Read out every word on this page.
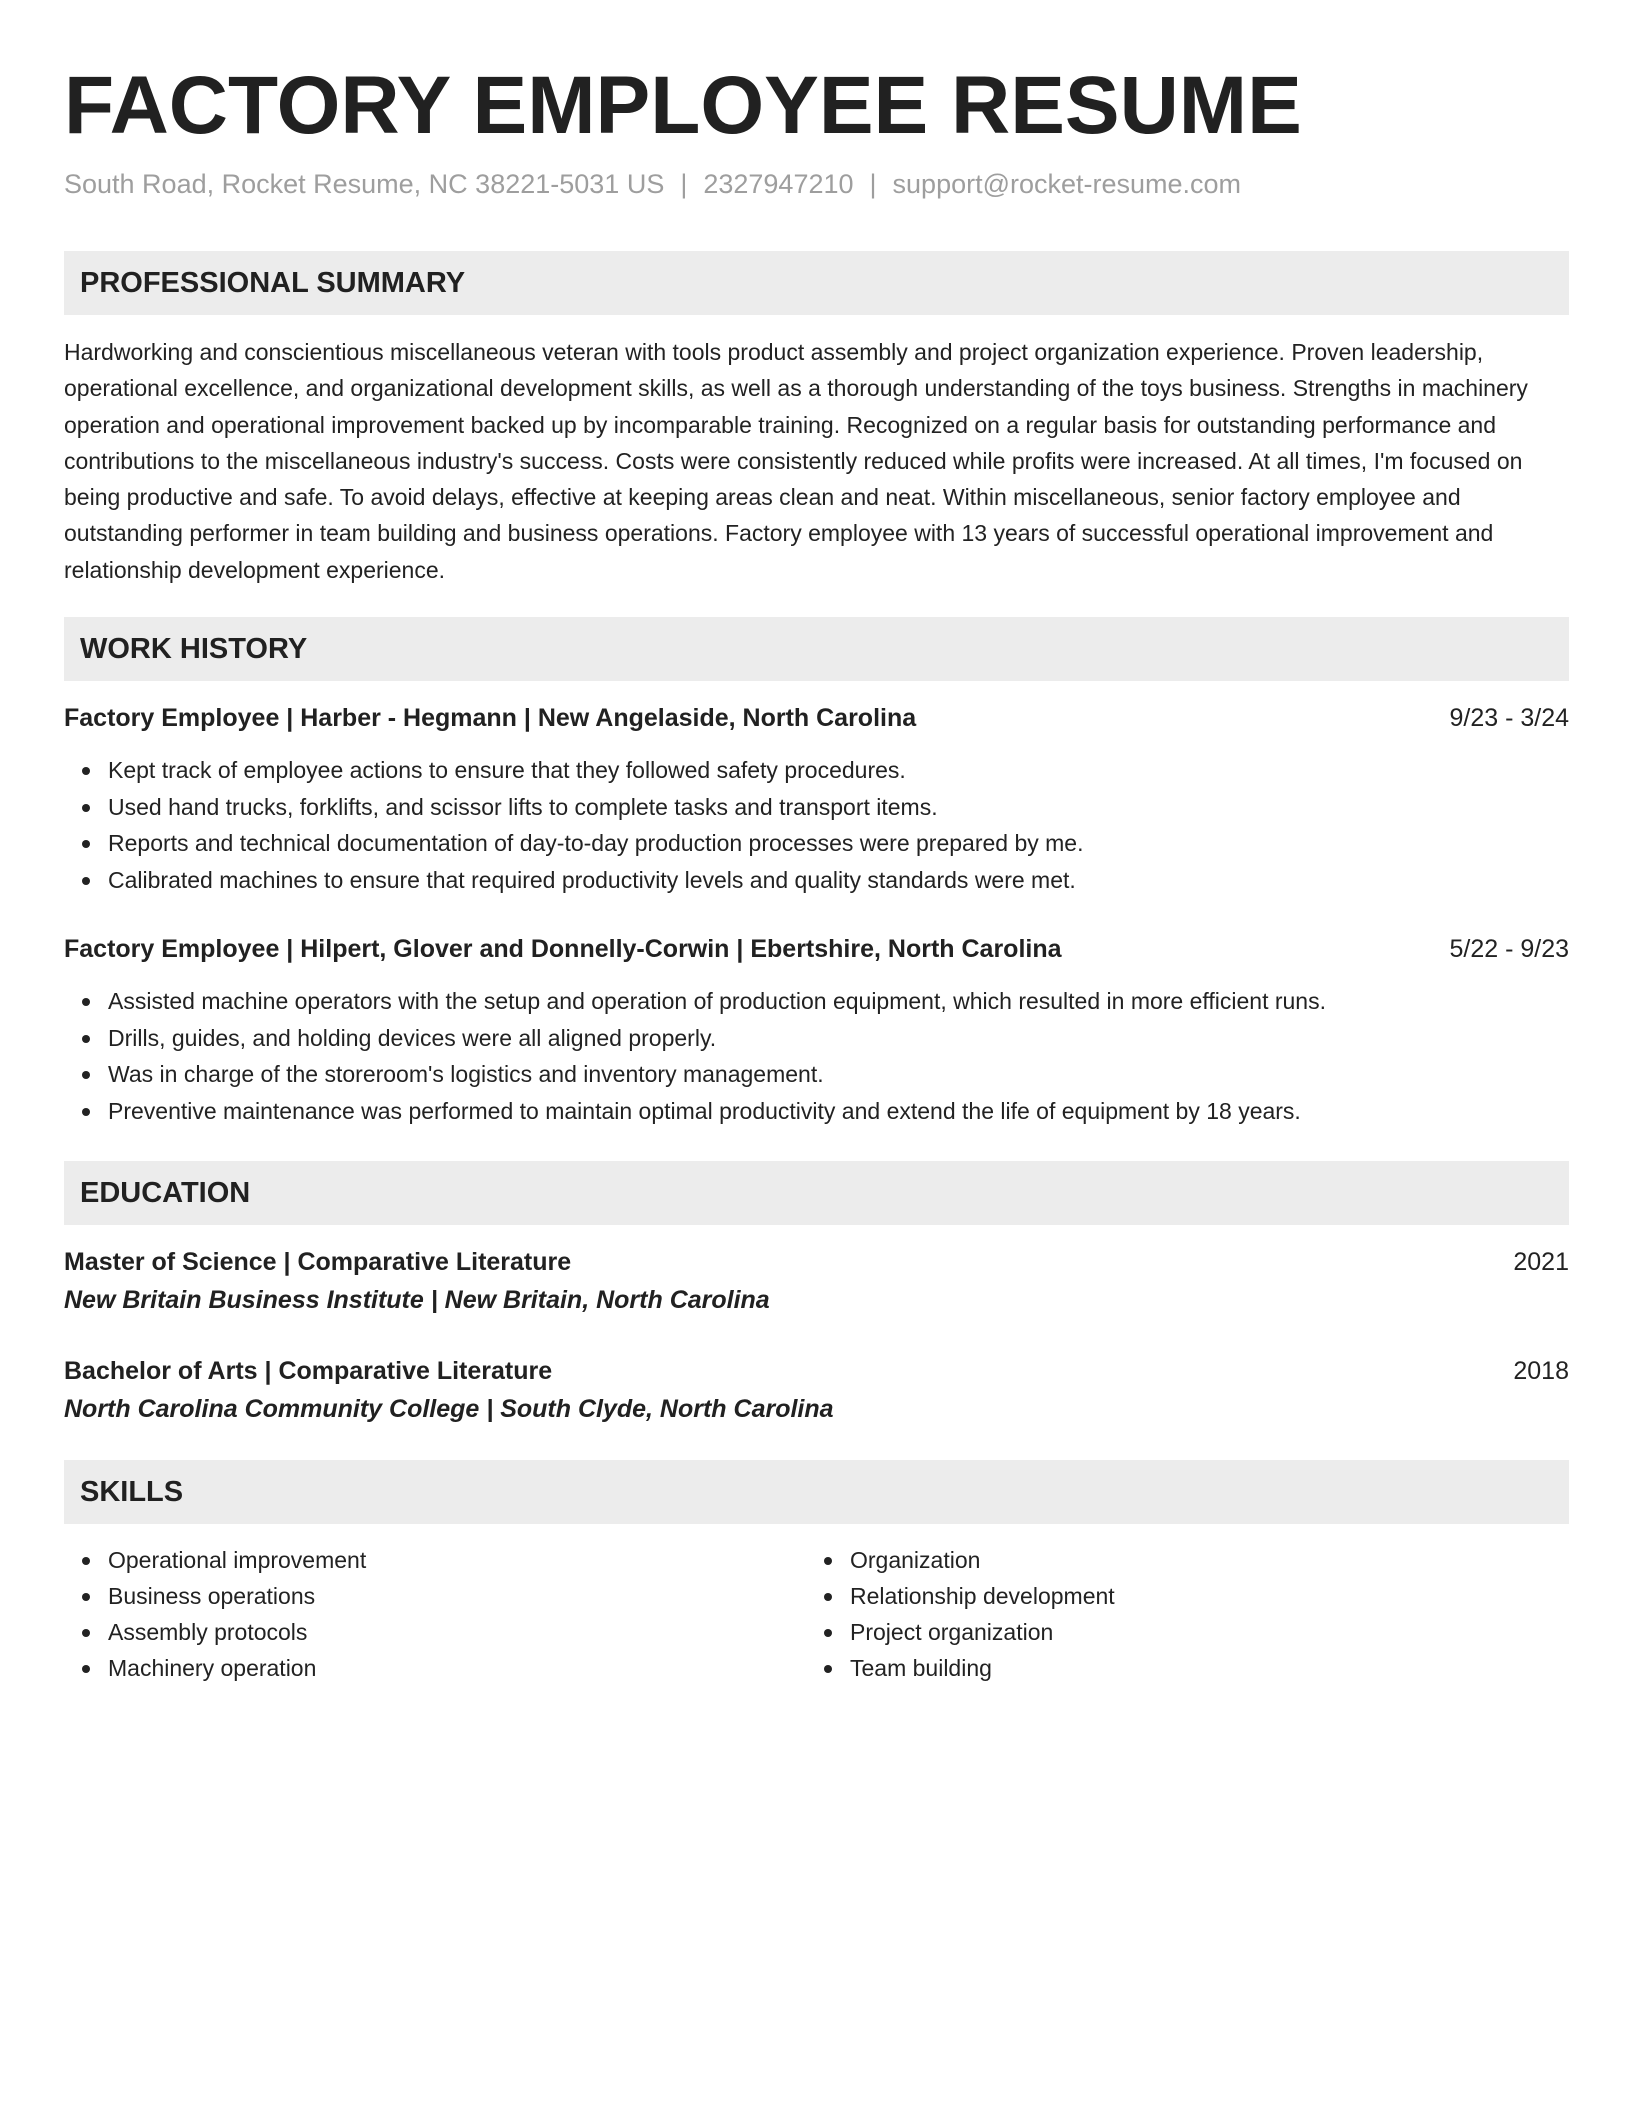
FACTORY EMPLOYEE RESUME
South Road, Rocket Resume, NC 38221-5031 US | 2327947210 | support@rocket-resume.com
PROFESSIONAL SUMMARY
Hardworking and conscientious miscellaneous veteran with tools product assembly and project organization experience. Proven leadership, operational excellence, and organizational development skills, as well as a thorough understanding of the toys business. Strengths in machinery operation and operational improvement backed up by incomparable training. Recognized on a regular basis for outstanding performance and contributions to the miscellaneous industry's success. Costs were consistently reduced while profits were increased. At all times, I'm focused on being productive and safe. To avoid delays, effective at keeping areas clean and neat. Within miscellaneous, senior factory employee and outstanding performer in team building and business operations. Factory employee with 13 years of successful operational improvement and relationship development experience.
WORK HISTORY
Factory Employee | Harber - Hegmann | New Angelaside, North Carolina	9/23 - 3/24
Kept track of employee actions to ensure that they followed safety procedures.
Used hand trucks, forklifts, and scissor lifts to complete tasks and transport items.
Reports and technical documentation of day-to-day production processes were prepared by me.
Calibrated machines to ensure that required productivity levels and quality standards were met.
Factory Employee | Hilpert, Glover and Donnelly-Corwin | Ebertshire, North Carolina	5/22 - 9/23
Assisted machine operators with the setup and operation of production equipment, which resulted in more efficient runs.
Drills, guides, and holding devices were all aligned properly.
Was in charge of the storeroom's logistics and inventory management.
Preventive maintenance was performed to maintain optimal productivity and extend the life of equipment by 18 years.
EDUCATION
Master of Science | Comparative Literature	2021
New Britain Business Institute | New Britain, North Carolina
Bachelor of Arts | Comparative Literature	2018
North Carolina Community College | South Clyde, North Carolina
SKILLS
Operational improvement
Business operations
Assembly protocols
Machinery operation
Organization
Relationship development
Project organization
Team building
